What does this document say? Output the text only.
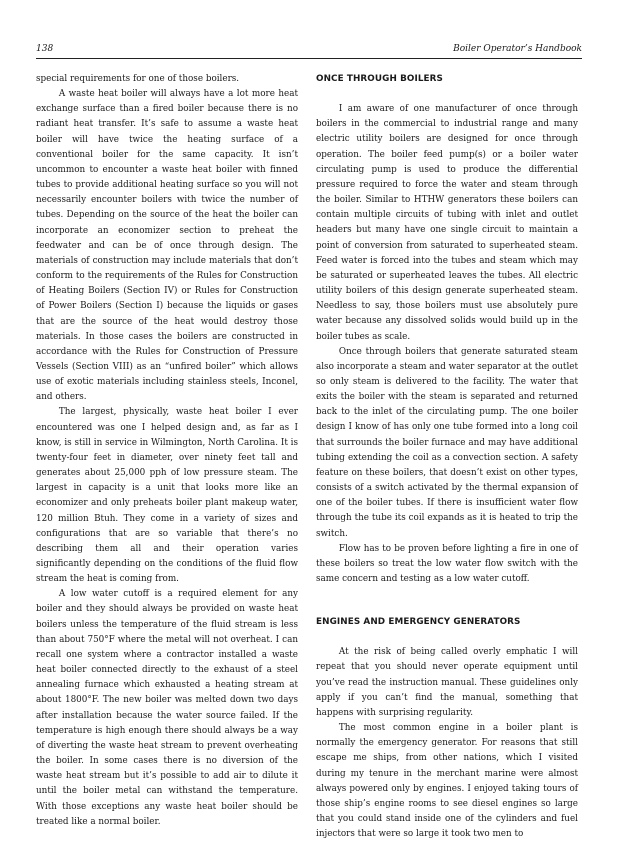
138	Boiler Operator’s Handbook

special requirements for one of those boilers.

A waste heat boiler will always have a lot more heat exchange surface than a fired boiler because there is no radiant heat transfer. It’s safe to assume a waste heat boiler will have twice the heating surface of a conventional boiler for the same capacity. It isn’t uncommon to encounter a waste heat boiler with finned tubes to provide additional heating surface so you will not necessarily encounter boilers with twice the number of tubes. Depending on the source of the heat the boiler can incorporate an economizer section to preheat the feedwater and can be of once through design. The materials of construction may include materials that don’t conform to the requirements of the Rules for Construction of Heating Boilers (Section IV) or Rules for Construction of Power Boilers (Section I) because the liquids or gases that are the source of the heat would destroy those materials. In those cases the boilers are constructed in accordance with the Rules for Construction of Pressure Vessels (Section VIII) as an “unfired boiler” which allows use of exotic materials including stainless steels, Inconel, and others.

The largest, physically, waste heat boiler I ever encountered was one I helped design and, as far as I know, is still in service in Wilmington, North Carolina. It is twenty-four feet in diameter, over ninety feet tall and generates about 25,000 pph of low pressure steam. The largest in capacity is a unit that looks more like an economizer and only preheats boiler plant makeup water, 120 million Btuh. They come in a variety of sizes and configurations that are so variable that there’s no describing them all and their operation varies significantly depending on the conditions of the fluid flow stream the heat is coming from.

A low water cutoff is a required element for any boiler and they should always be provided on waste heat boilers unless the temperature of the fluid stream is less than about 750°F where the metal will not overheat. I can recall one system where a contractor installed a waste heat boiler connected directly to the exhaust of a steel annealing furnace which exhausted a heating stream at about 1800°F. The new boiler was melted down two days after installation because the water source failed. If the temperature is high enough there should always be a way of diverting the waste heat stream to prevent overheating the boiler. In some cases there is no diversion of the waste heat stream but it’s possible to add air to dilute it until the boiler metal can withstand the temperature. With those exceptions any waste heat boiler should be treated like a normal boiler.

ONCE THROUGH BOILERS

I am aware of one manufacturer of once through boilers in the commercial to industrial range and many electric utility boilers are designed for once through operation. The boiler feed pump(s) or a boiler water circulating pump is used to produce the differential pressure required to force the water and steam through the boiler. Similar to HTHW generators these boilers can contain multiple circuits of tubing with inlet and outlet headers but many have one single circuit to maintain a point of conversion from saturated to superheated steam. Feed water is forced into the tubes and steam which may be saturated or superheated leaves the tubes. All electric utility boilers of this design generate superheated steam. Needless to say, those boilers must use absolutely pure water because any dissolved solids would build up in the boiler tubes as scale.

Once through boilers that generate saturated steam also incorporate a steam and water separator at the outlet so only steam is delivered to the facility. The water that exits the boiler with the steam is separated and returned back to the inlet of the circulating pump. The one boiler design I know of has only one tube formed into a long coil that surrounds the boiler furnace and may have additional tubing extending the coil as a convection section. A safety feature on these boilers, that doesn’t exist on other types, consists of a switch activated by the thermal expansion of one of the boiler tubes. If there is insufficient water flow through the tube its coil expands as it is heated to trip the switch.

Flow has to be proven before lighting a fire in one of these boilers so treat the low water flow switch with the same concern and testing as a low water cutoff.

ENGINES AND EMERGENCY GENERATORS

At the risk of being called overly emphatic I will repeat that you should never operate equipment until you’ve read the instruction manual. These guidelines only apply if you can’t find the manual, something that happens with surprising regularity.

The most common engine in a boiler plant is normally the emergency generator. For reasons that still escape me ships, from other nations, which I visited during my tenure in the merchant marine were almost always powered only by engines. I enjoyed taking tours of those ship’s engine rooms to see diesel engines so large that you could stand inside one of the cylinders and fuel injectors that were so large it took two men to
